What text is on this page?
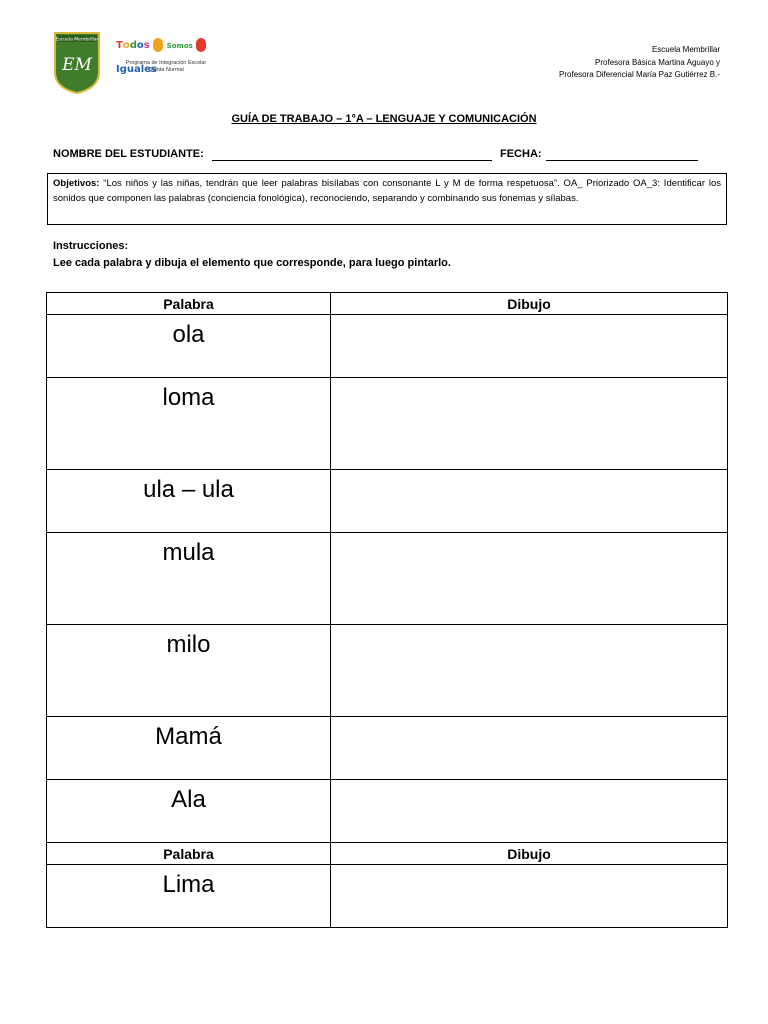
Escuela Membrillar
EM
Todos Somos  Iguales
Programa de Integración Escolar
Quinta Normal
Escuela Membrillar
Profesora Básica Martina Aguayo y
Profesora Diferencial María Paz Gutiérrez B.-
GUÍA DE TRABAJO – 1°A – LENGUAJE Y COMUNICACIÓN
NOMBRE DEL ESTUDIANTE:	FECHA:
Objetivos: “Los niños y las niñas, tendrán que leer palabras bisílabas con consonante L y M de forma respetuosa”. OA_ Priorizado OA_3: Identificar los sonidos que componen las palabras (conciencia fonológica), reconociendo, separando y combinando sus fonemas y sílabas.
Instrucciones:
Lee cada palabra y dibuja el elemento que corresponde, para luego pintarlo.
Palabra	Dibujo
ola	
loma	
ula – ula	
mula	
milo	
Mamá	
Ala	
Palabra	Dibujo
Lima	
